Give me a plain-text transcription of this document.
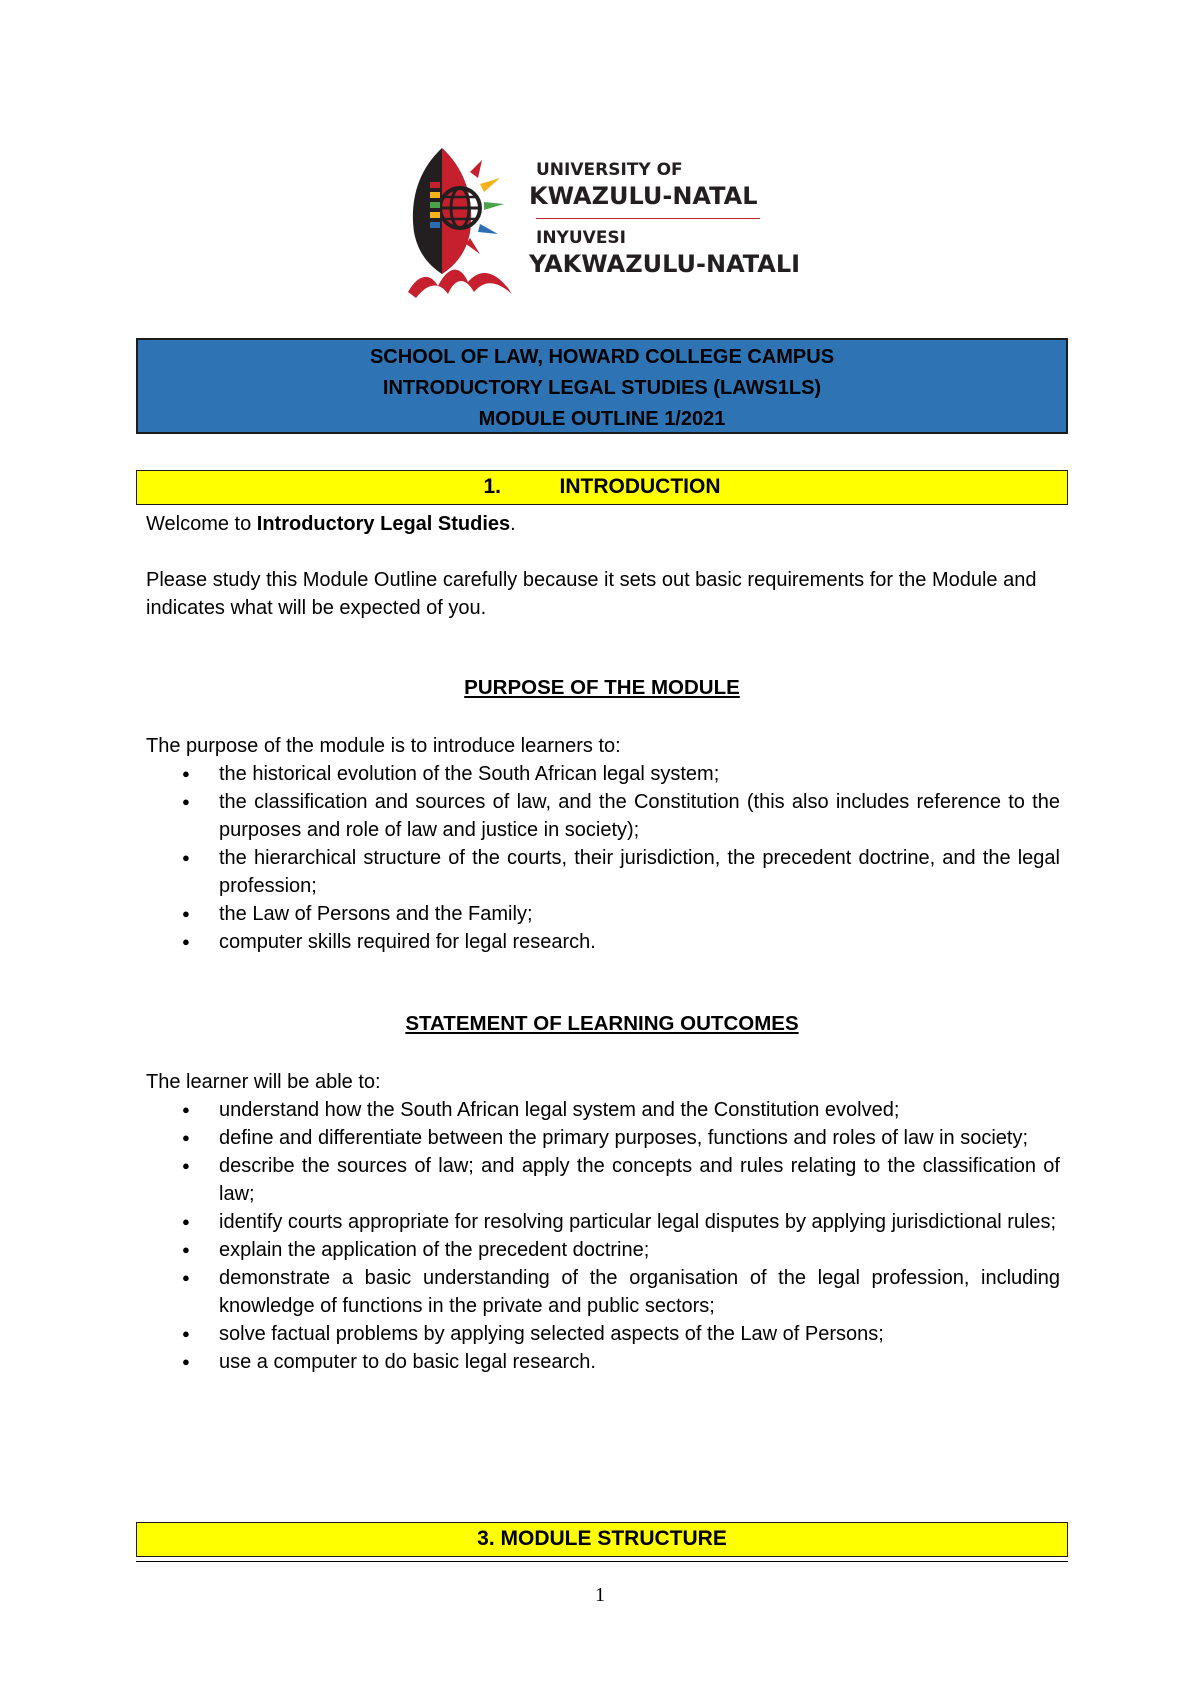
UNIVERSITY OF
KWAZULU-NATAL
INYUVESI
YAKWAZULU-NATALI
SCHOOL OF LAW, HOWARD COLLEGE CAMPUS
INTRODUCTORY LEGAL STUDIES (LAWS1LS)
MODULE OUTLINE 1/2021
1.	INTRODUCTION
Welcome to Introductory Legal Studies.
Please study this Module Outline carefully because it sets out basic requirements for the Module and indicates what will be expected of you.
PURPOSE OF THE MODULE
The purpose of the module is to introduce learners to:
● the historical evolution of the South African legal system;
● the classification and sources of law, and the Constitution (this also includes reference to the purposes and role of law and justice in society);
● the hierarchical structure of the courts, their jurisdiction, the precedent doctrine, and the legal profession;
● the Law of Persons and the Family;
● computer skills required for legal research.
STATEMENT OF LEARNING OUTCOMES
The learner will be able to:
● understand how the South African legal system and the Constitution evolved;
● define and differentiate between the primary purposes, functions and roles of law in society;
● describe the sources of law; and apply the concepts and rules relating to the classification of law;
● identify courts appropriate for resolving particular legal disputes by applying jurisdictional rules;
● explain the application of the precedent doctrine;
● demonstrate a basic understanding of the organisation of the legal profession, including knowledge of functions in the private and public sectors;
● solve factual problems by applying selected aspects of the Law of Persons;
● use a computer to do basic legal research.
3. MODULE STRUCTURE
1
